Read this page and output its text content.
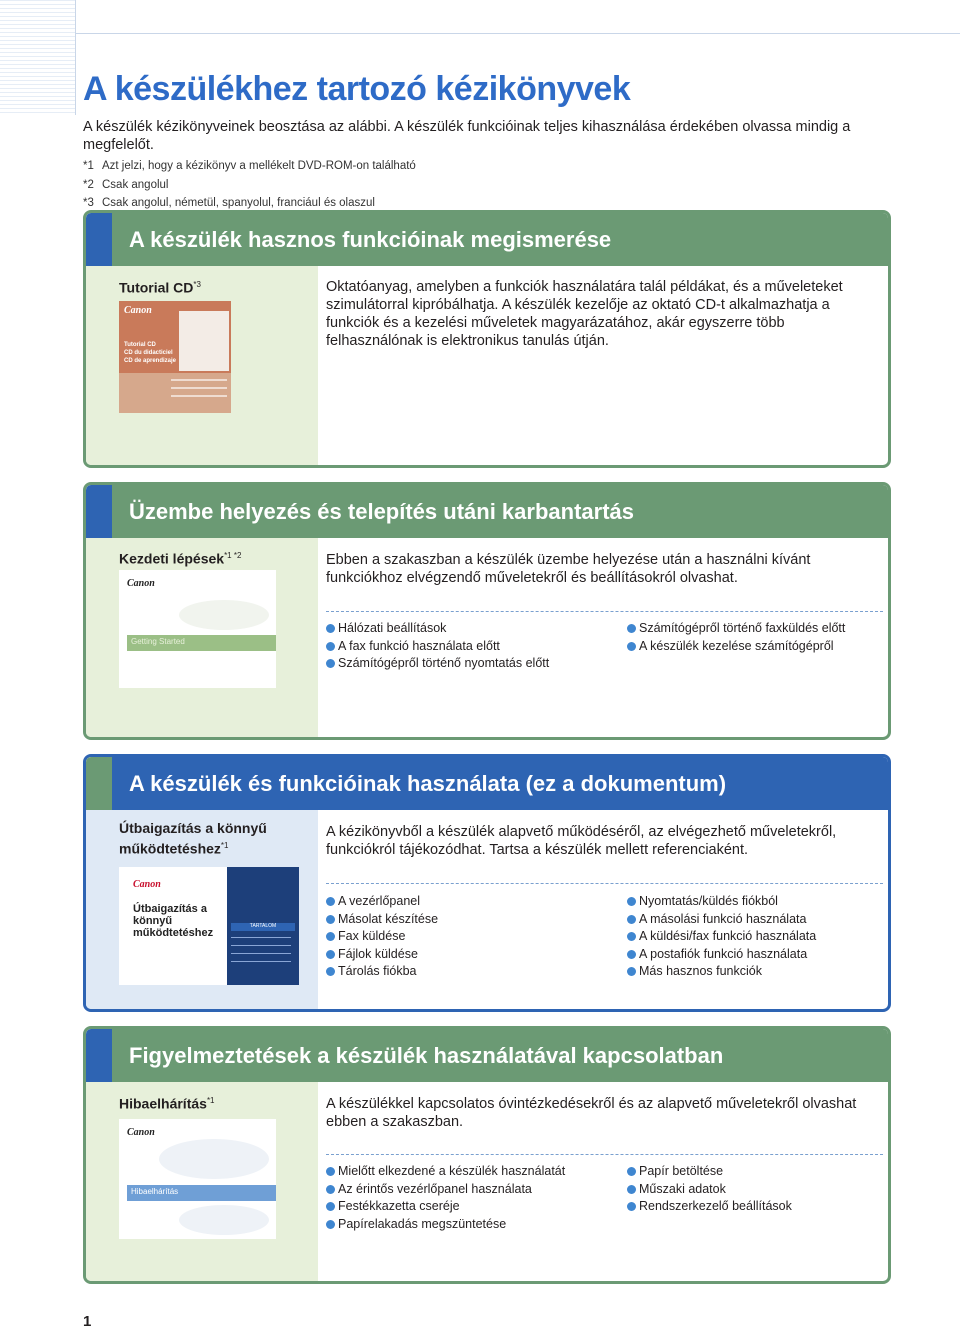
A készülékhez tartozó kézikönyvek

A készülék kézikönyveinek beosztása az alábbi. A készülék funkcióinak teljes kihasználása érdekében olvassa mindig a megfelelőt.

*1 Azt jelzi, hogy a kézikönyv a mellékelt DVD-ROM-on található
*2 Csak angolul
*3 Csak angolul, németül, spanyolul, franciául és olaszul
A készülék hasznos funkcióinak megismerése
Tutorial CD$^{*3}$
Canon
Tutorial CD
CD du didacticiel
CD de aprendizaje
Oktatóanyag, amelyben a funkciók használatára talál példákat, és a műveleteket szimulátorral kipróbálhatja. A készülék kezelője az oktató CD-t alkalmazhatja a funkciók és a kezelési műveletek magyarázatához, akár egyszerre több felhasználónak is elektronikus tanulás útján.
Üzembe helyezés és telepítés utáni karbantartás
Kezdeti lépések$^{*1 *2}$
Canon
Getting Started
Ebben a szakaszban a készülék üzembe helyezése után a használni kívánt funkciókhoz elvégzendő műveletekről és beállításokról olvashat.
Hálózati beállítások
A fax funkció használata előtt
Számítógépről történő nyomtatás előtt
Számítógépről történő faxküldés előtt
A készülék kezelése számítógépről
A készülék és funkcióinak használata (ez a dokumentum)
Útbaigazítás a könnyű működtetéshez$^{*1}$
Canon
Útbaigazítás a könnyű működtetéshez
TARTALOM
A kézikönyvből a készülék alapvető működéséről, az elvégezhető műveletekről, funkciókról tájékozódhat. Tartsa a készülék mellett referenciaként.
A vezérlőpanel
Másolat készítése
Fax küldése
Fájlok küldése
Tárolás fiókba
Nyomtatás/küldés fiókból
A másolási funkció használata
A küldési/fax funkció használata
A postafiók funkció használata
Más hasznos funkciók
Figyelmeztetések a készülék használatával kapcsolatban
Hibaelhárítás$^{*1}$
Canon
Hibaelhárítás
A készülékkel kapcsolatos óvintézkedésekről és az alapvető műveletekről olvashat ebben a szakaszban.
Mielőtt elkezdené a készülék használatát
Az érintős vezérlőpanel használata
Festékkazetta cseréje
Papírelakadás megszüntetése
Papír betöltése
Műszaki adatok
Rendszerkezelő beállítások
1
